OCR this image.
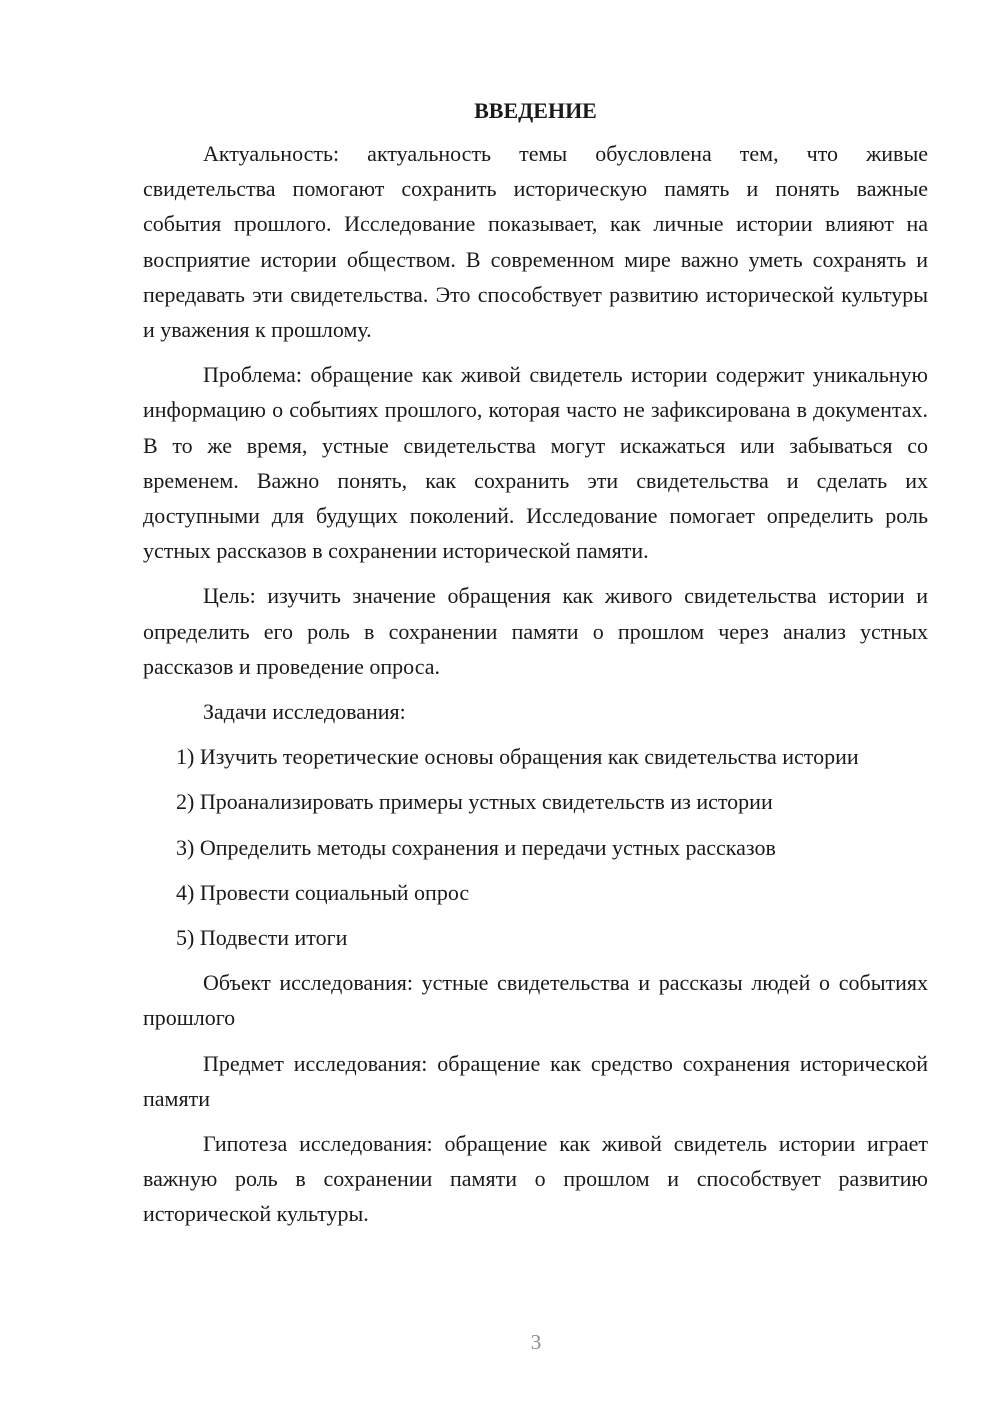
ВВЕДЕНИЕ

Актуальность: актуальность темы обусловлена тем, что живые свидетельства помогают сохранить историческую память и понять важные события прошлого. Исследование показывает, как личные истории влияют на восприятие истории обществом. В современном мире важно уметь сохранять и передавать эти свидетельства. Это способствует развитию исторической культуры и уважения к прошлому.

Проблема: обращение как живой свидетель истории содержит уникальную информацию о событиях прошлого, которая часто не зафиксирована в документах. В то же время, устные свидетельства могут искажаться или забываться со временем. Важно понять, как сохранить эти свидетельства и сделать их доступными для будущих поколений. Исследование помогает определить роль устных рассказов в сохранении исторической памяти.

Цель: изучить значение обращения как живого свидетельства истории и определить его роль в сохранении памяти о прошлом через анализ устных рассказов и проведение опроса.

Задачи исследования:

1) Изучить теоретические основы обращения как свидетельства истории

2) Проанализировать примеры устных свидетельств из истории

3) Определить методы сохранения и передачи устных рассказов

4) Провести социальный опрос

5) Подвести итоги

Объект исследования: устные свидетельства и рассказы людей о событиях прошлого

Предмет исследования: обращение как средство сохранения исторической памяти

Гипотеза исследования: обращение как живой свидетель истории играет важную роль в сохранении памяти о прошлом и способствует развитию исторической культуры.

3
